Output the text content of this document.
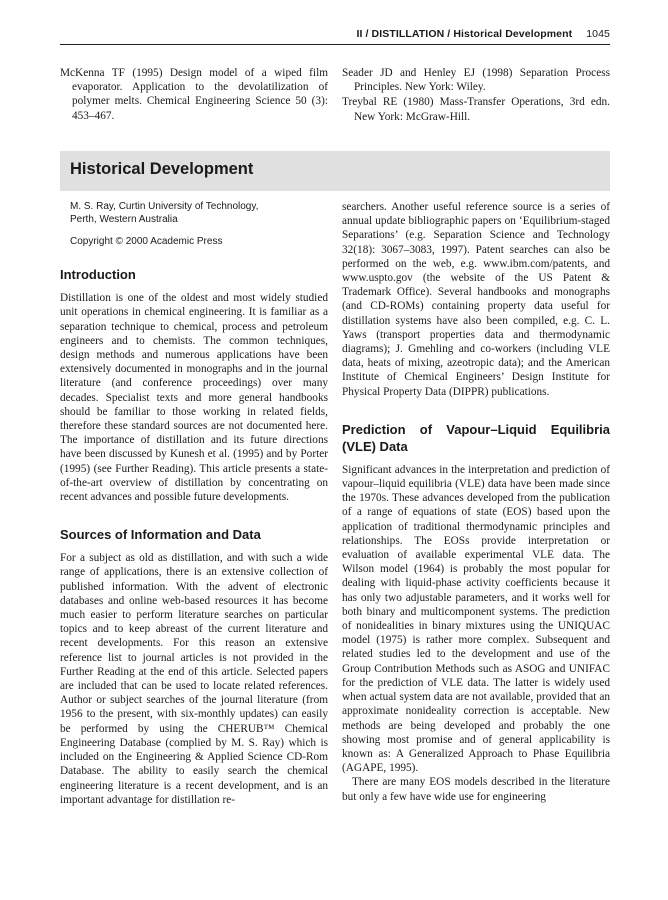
II / DISTILLATION / Historical Development 1045
McKenna TF (1995) Design model of a wiped film evaporator. Application to the devolatilization of polymer melts. Chemical Engineering Science 50 (3): 453–467.
Seader JD and Henley EJ (1998) Separation Process Principles. New York: Wiley.
Treybal RE (1980) Mass-Transfer Operations, 3rd edn. New York: McGraw-Hill.
Historical Development
M. S. Ray, Curtin University of Technology,
Perth, Western Australia
Copyright © 2000 Academic Press
Introduction

Distillation is one of the oldest and most widely studied unit operations in chemical engineering. It is familiar as a separation technique to chemical, process and petroleum engineers and to chemists. The common techniques, design methods and numerous applications have been extensively documented in monographs and in the journal literature (and conference proceedings) over many decades. Specialist texts and more general handbooks should be familiar to those working in related fields, therefore these standard sources are not documented here. The importance of distillation and its future directions have been discussed by Kunesh et al. (1995) and by Porter (1995) (see Further Reading). This article presents a state-of-the-art overview of distillation by concentrating on recent advances and possible future developments.

Sources of Information and Data

For a subject as old as distillation, and with such a wide range of applications, there is an extensive collection of published information. With the advent of electronic databases and online web-based resources it has become much easier to perform literature searches on particular topics and to keep abreast of the current literature and recent developments. For this reason an extensive reference list to journal articles is not provided in the Further Reading at the end of this article. Selected papers are included that can be used to locate related references. Author or subject searches of the journal literature (from 1956 to the present, with six-monthly updates) can easily be performed by using the CHERUB™ Chemical Engineering Database (complied by M. S. Ray) which is included on the Engineering & Applied Science CD-Rom Database. The ability to easily search the chemical engineering literature is a recent development, and is an important advantage for distillation re-

searchers. Another useful reference source is a series of annual update bibliographic papers on ‘Equilibrium-staged Separations’ (e.g. Separation Science and Technology 32(18): 3067–3083, 1997). Patent searches can also be performed on the web, e.g. www.ibm.com/patents, and www.uspto.gov (the website of the US Patent & Trademark Office). Several handbooks and monographs (and CD-ROMs) containing property data useful for distillation systems have also been compiled, e.g. C. L. Yaws (transport properties data and thermodynamic diagrams); J. Gmehling and co-workers (including VLE data, heats of mixing, azeotropic data); and the American Institute of Chemical Engineers’ Design Institute for Physical Property Data (DIPPR) publications.

Prediction of Vapour–Liquid Equilibria (VLE) Data

Significant advances in the interpretation and prediction of vapour–liquid equilibria (VLE) data have been made since the 1970s. These advances developed from the publication of a range of equations of state (EOS) based upon the application of traditional thermodynamic principles and relationships. The EOSs provide interpretation or evaluation of available experimental VLE data. The Wilson model (1964) is probably the most popular for dealing with liquid-phase activity coefficients because it has only two adjustable parameters, and it works well for both binary and multicomponent systems. The prediction of nonidealities in binary mixtures using the UNIQUAC model (1975) is rather more complex. Subsequent and related studies led to the development and use of the Group Contribution Methods such as ASOG and UNIFAC for the prediction of VLE data. The latter is widely used when actual system data are not available, provided that an approximate nonideality correction is acceptable. New methods are being developed and probably the one showing most promise and of general applicability is known as: A Generalized Approach to Phase Equilibria (AGAPE, 1995).

There are many EOS models described in the literature but only a few have wide use for engineering
